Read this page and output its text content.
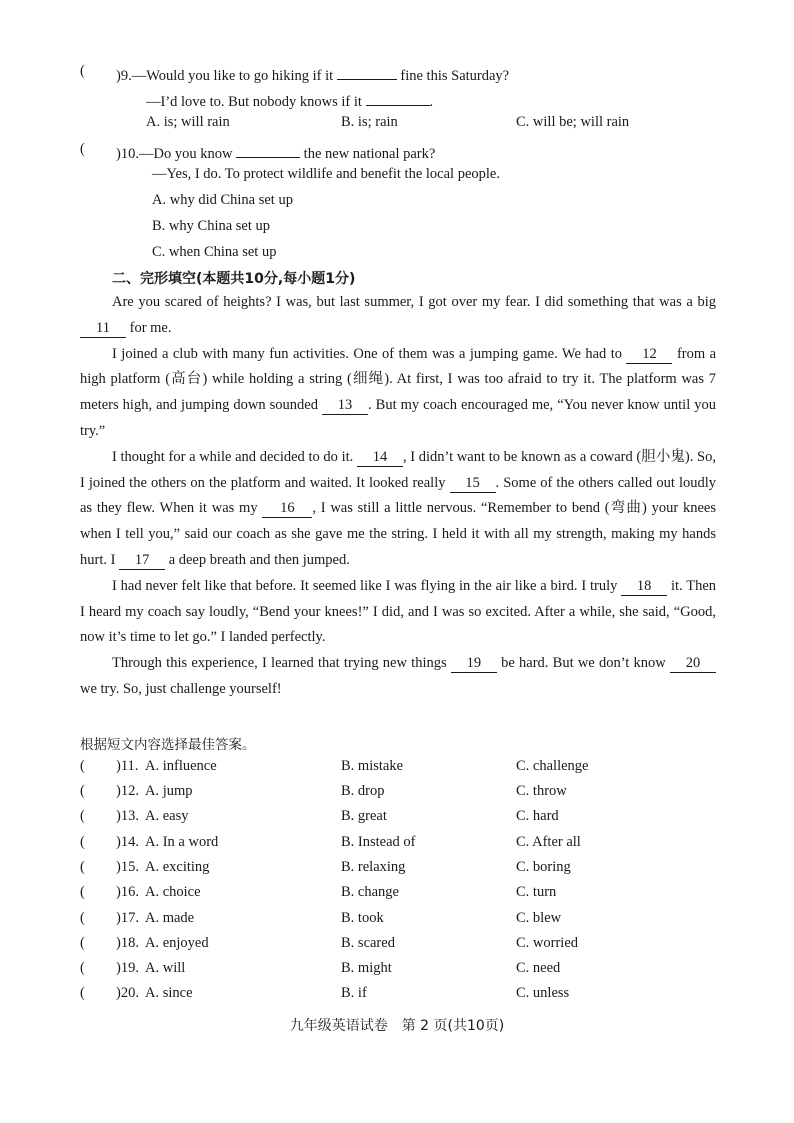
( )9.—Would you like to go hiking if it	fine this Saturday?
—I’d love to. But nobody knows if it	.
A. is; will rain	B. is; rain	C. will be; will rain
( )10.—Do you know	the new national park?
—Yes, I do. To protect wildlife and benefit the local people.
A. why did China set up
B. why China set up
C. when China set up
二、完形填空(本题共10分,每小题1分)

Are you scared of heights? I was, but last summer, I got over my fear. I did something that was a big 11 for me.

I joined a club with many fun activities. One of them was a jumping game. We had to 12 from a high platform (高台) while holding a string (细绳). At first, I was too afraid to try it. The platform was 7 meters high, and jumping down sounded 13 . But my coach encouraged me, “You never know until you try.”

I thought for a while and decided to do it. 14 , I didn’t want to be known as a coward (胆小鬼). So, I joined the others on the platform and waited. It looked really 15 . Some of the others called out loudly as they flew. When it was my 16 , I was still a little nervous. “Remember to bend (弯曲) your knees when I tell you,” said our coach as she gave me the string. I held it with all my strength, making my hands hurt. I 17 a deep breath and then jumped.

I had never felt like that before. It seemed like I was flying in the air like a bird. I truly 18 it. Then I heard my coach say loudly, “Bend your knees!” I did, and I was so excited. After a while, she said, “Good, now it’s time to let go.” I landed perfectly.

Through this experience, I learned that trying new things 19 be hard. But we don’t know 20 we try. So, just challenge yourself!

根据短文内容选择最佳答案。
( )11. A. influence	B. mistake	C. challenge
( )12. A. jump	B. drop	C. throw
( )13. A. easy	B. great	C. hard
( )14. A. In a word	B. Instead of	C. After all
( )15. A. exciting	B. relaxing	C. boring
( )16. A. choice	B. change	C. turn
( )17. A. made	B. took	C. blew
( )18. A. enjoyed	B. scared	C. worried
( )19. A. will	B. might	C. need
( )20. A. since	B. if	C. unless
九年级英语试卷　第 2 页(共10页)
